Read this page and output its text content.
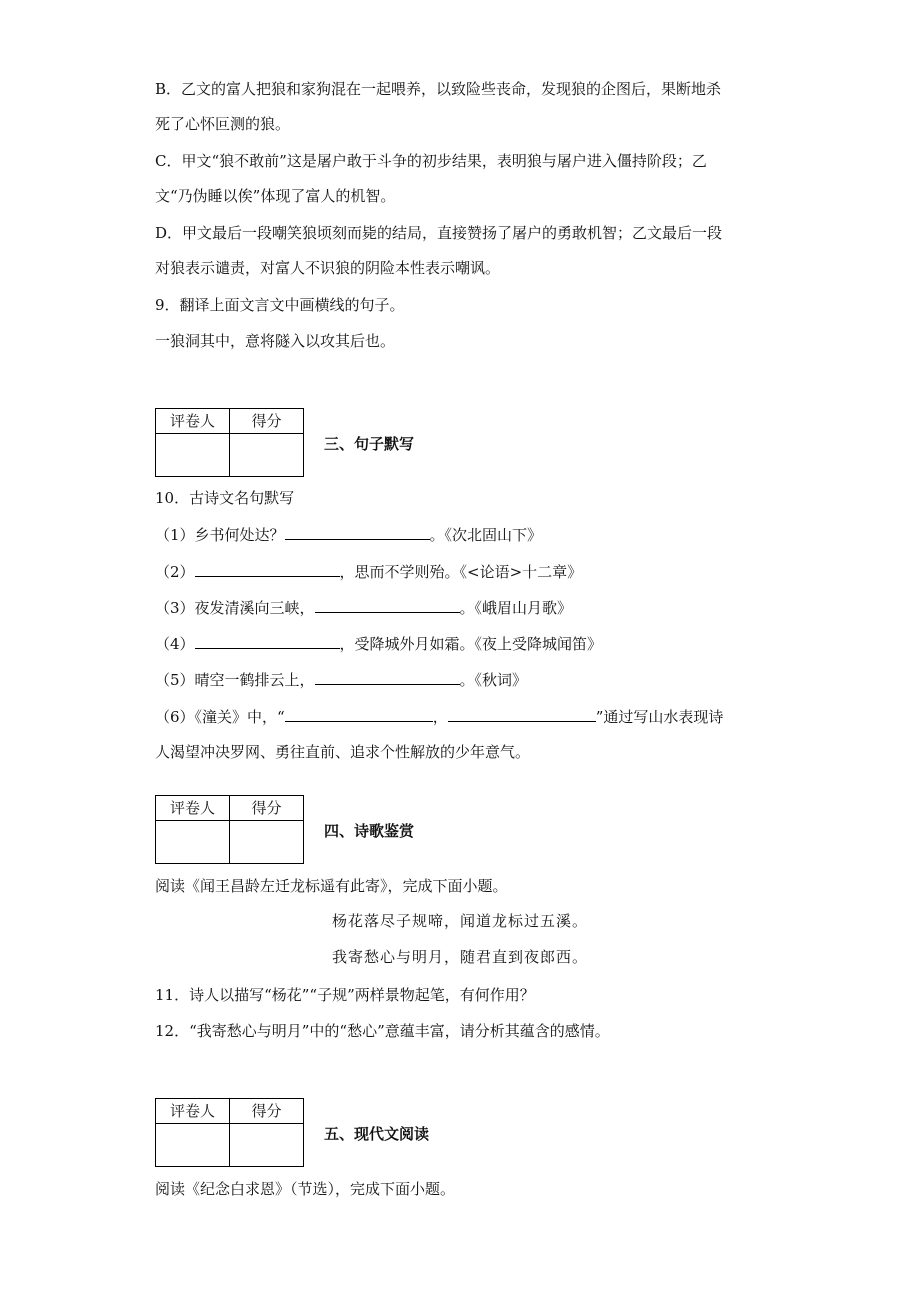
B．乙文的富人把狼和家狗混在一起喂养，以致险些丧命，发现狼的企图后，果断地杀
死了心怀叵测的狼。
C．甲文“狼不敢前”这是屠户敢于斗争的初步结果，表明狼与屠户进入僵持阶段；乙
文“乃伪睡以俟”体现了富人的机智。
D．甲文最后一段嘲笑狼顷刻而毙的结局，直接赞扬了屠户的勇敢机智；乙文最后一段
对狼表示谴责，对富人不识狼的阴险本性表示嘲讽。
9．翻译上面文言文中画横线的句子。
一狼洞其中，意将隧入以攻其后也。
评卷人	得分

三、句子默写
10．古诗文名句默写
（1）乡书何处达？	。《次北固山下》
（2）	，思而不学则殆。《<论语>十二章》
（3）夜发清溪向三峡，	。《峨眉山月歌》
（4）	，受降城外月如霜。《夜上受降城闻笛》
（5）晴空一鹤排云上，	。《秋词》
（6）《潼关》中，“	，	”通过写山水表现诗
人渴望冲决罗网、勇往直前、追求个性解放的少年意气。
评卷人	得分

四、诗歌鉴赏
阅读《闻王昌龄左迁龙标遥有此寄》，完成下面小题。
杨花落尽子规啼，闻道龙标过五溪。
我寄愁心与明月，随君直到夜郎西。
11．诗人以描写“杨花”“子规”两样景物起笔，有何作用？
12．“我寄愁心与明月”中的“愁心”意蕴丰富，请分析其蕴含的感情。
评卷人	得分

五、现代文阅读
阅读《纪念白求恩》（节选），完成下面小题。
